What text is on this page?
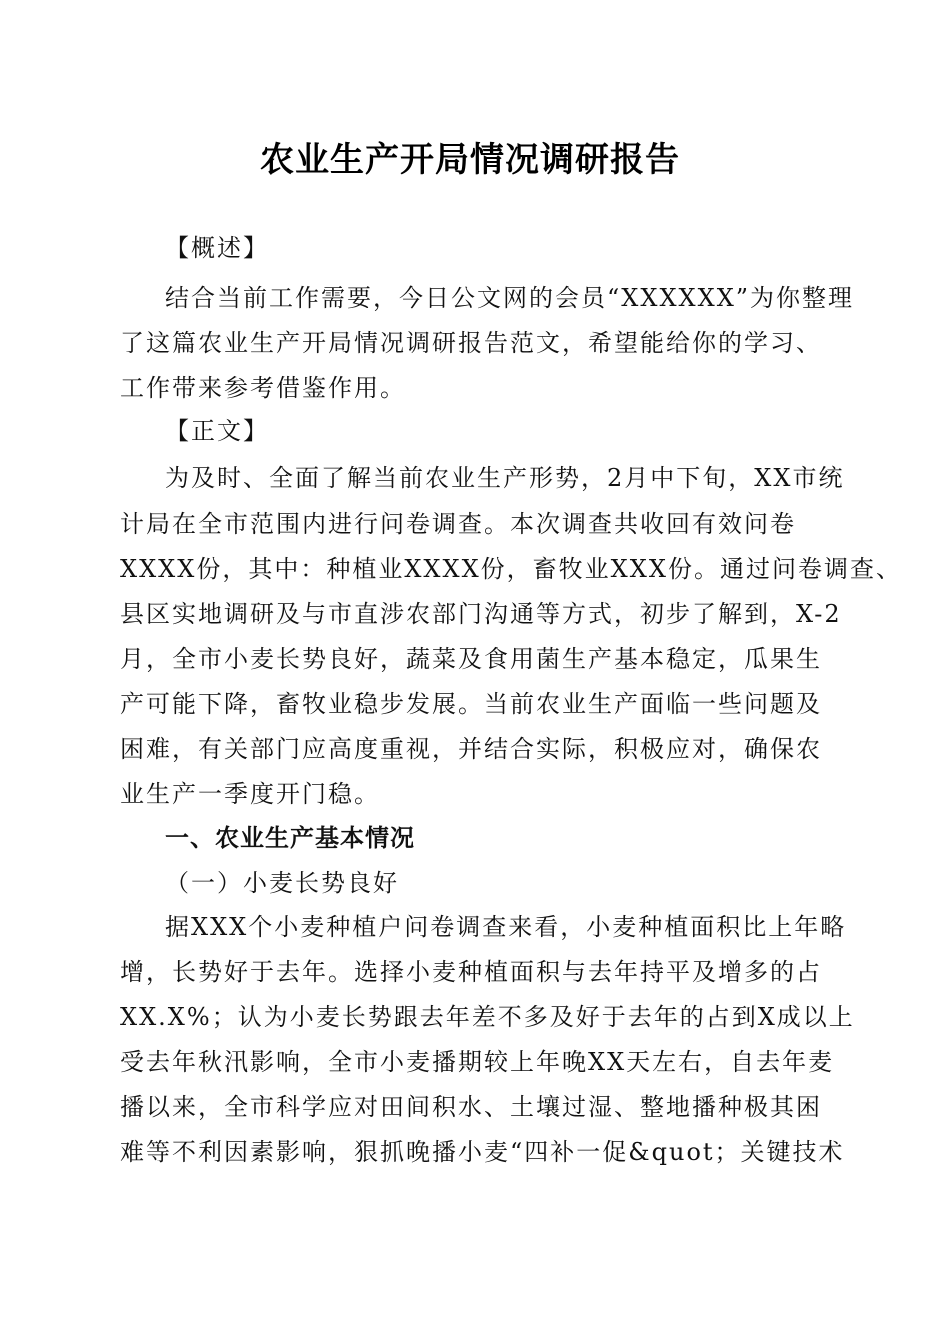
农业生产开局情况调研报告
【概述】
结合当前工作需要，今日公文网的会员“XXXXXX”为你整理
了这篇农业生产开局情况调研报告范文，希望能给你的学习、
工作带来参考借鉴作用。
【正文】
为及时、全面了解当前农业生产形势，2月中下旬，XX市统
计局在全市范围内进行问卷调查。本次调查共收回有效问卷
XXXX份，其中：种植业XXXX份，畜牧业XXX份。通过问卷调查、
县区实地调研及与市直涉农部门沟通等方式，初步了解到，X-2
月，全市小麦长势良好，蔬菜及食用菌生产基本稳定，瓜果生
产可能下降，畜牧业稳步发展。当前农业生产面临一些问题及
困难，有关部门应高度重视，并结合实际，积极应对，确保农
业生产一季度开门稳。
一、农业生产基本情况
（一）小麦长势良好
据XXX个小麦种植户问卷调查来看，小麦种植面积比上年略
增，长势好于去年。选择小麦种植面积与去年持平及增多的占
XX.X%；认为小麦长势跟去年差不多及好于去年的占到X成以上
受去年秋汛影响，全市小麦播期较上年晚XX天左右，自去年麦
播以来，全市科学应对田间积水、土壤过湿、整地播种极其困
难等不利因素影响，狠抓晚播小麦“四补一促&quot；关键技术
